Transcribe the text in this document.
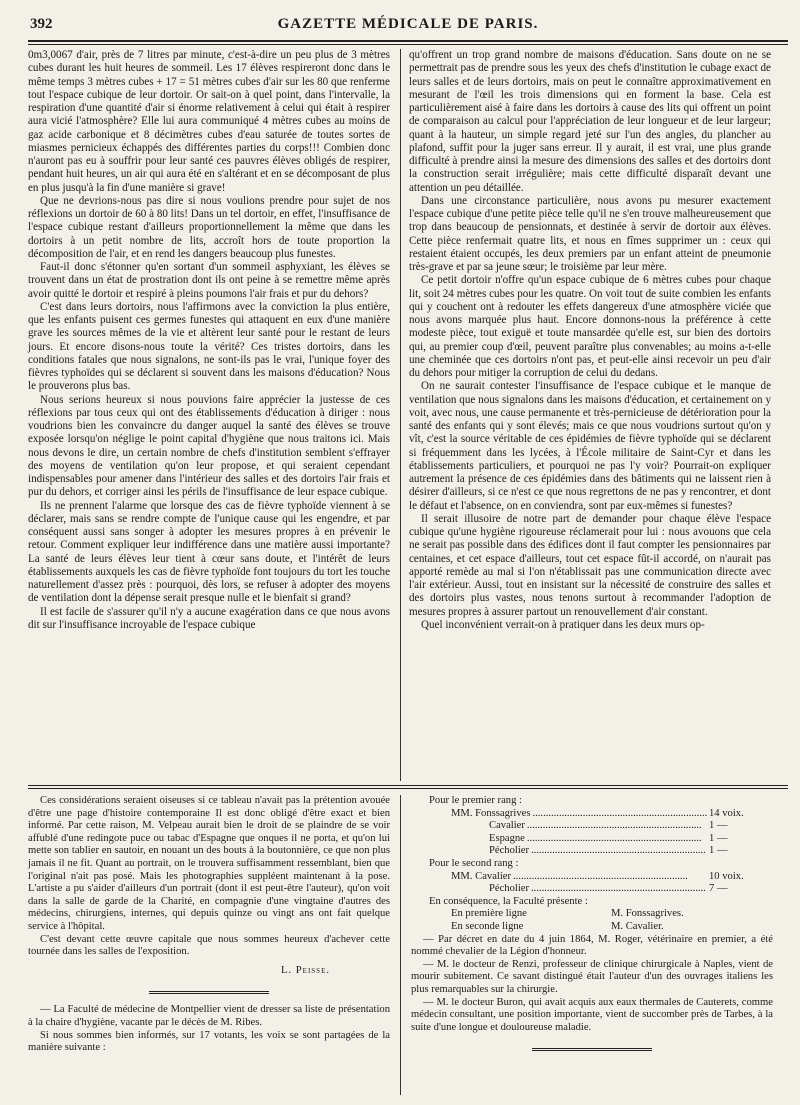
392	GAZETTE MÉDICALE DE PARIS.

0m3,0067 d'air, près de 7 litres par minute, c'est-à-dire un peu plus de 3 mètres cubes durant les huit heures de sommeil. Les 17 élèves respireront donc dans le même temps 3 mètres cubes + 17 = 51 mètres cubes d'air sur les 80 que renferme tout l'espace cubique de leur dortoir. Or sait-on à quel point, dans l'intervalle, la respiration d'une quantité d'air si énorme relativement à celui qui était à respirer aura vicié l'atmosphère? Elle lui aura communiqué 4 mètres cubes au moins de gaz acide carbonique et 8 décimètres cubes d'eau saturée de toutes sortes de miasmes pernicieux échappés des différentes parties du corps!!! Combien donc n'auront pas eu à souffrir pour leur santé ces pauvres élèves obligés de respirer, pendant huit heures, un air qui aura été en s'altérant et en se décomposant de plus en plus jusqu'à la fin d'une manière si grave!

Que ne devrions-nous pas dire si nous voulions prendre pour sujet de nos réflexions un dortoir de 60 à 80 lits! Dans un tel dortoir, en effet, l'insuffisance de l'espace cubique restant d'ailleurs proportionnellement la même que dans les dortoirs à un petit nombre de lits, accroît hors de toute proportion la décomposition de l'air, et en rend les dangers beaucoup plus funestes.

Faut-il donc s'étonner qu'en sortant d'un sommeil asphyxiant, les élèves se trouvent dans un état de prostration dont ils ont peine à se remettre même après avoir quitté le dortoir et respiré à pleins poumons l'air frais et pur du dehors?

C'est dans leurs dortoirs, nous l'affirmons avec la conviction la plus entière, que les enfants puisent ces germes funestes qui attaquent en eux d'une manière grave les sources mêmes de la vie et altèrent leur santé pour le restant de leurs jours. Et encore disons-nous toute la vérité? Ces tristes dortoirs, dans les conditions fatales que nous signalons, ne sont-ils pas le vrai, l'unique foyer des fièvres typhoïdes qui se déclarent si souvent dans les maisons d'éducation? Nous le prouverons plus bas.

Nous serions heureux si nous pouvions faire apprécier la justesse de ces réflexions par tous ceux qui ont des établissements d'éducation à diriger : nous voudrions bien les convaincre du danger auquel la santé des élèves se trouve exposée lorsqu'on néglige le point capital d'hygiène que nous traitons ici. Mais nous devons le dire, un certain nombre de chefs d'institution semblent s'effrayer des moyens de ventilation qu'on leur propose, et qui seraient cependant indispensables pour amener dans l'intérieur des salles et des dortoirs l'air frais et pur du dehors, et corriger ainsi les périls de l'insuffisance de leur espace cubique.

Ils ne prennent l'alarme que lorsque des cas de fièvre typhoïde viennent à se déclarer, mais sans se rendre compte de l'unique cause qui les engendre, et par conséquent aussi sans songer à adopter les mesures propres à en prévenir le retour. Comment expliquer leur indifférence dans une matière aussi importante? La santé de leurs élèves leur tient à cœur sans doute, et l'intérêt de leurs établissements auxquels les cas de fièvre typhoïde font toujours du tort les touche naturellement d'assez près : pourquoi, dès lors, se refuser à adopter des moyens de ventilation dont la dépense serait presque nulle et le bienfait si grand?

Il est facile de s'assurer qu'il n'y a aucune exagération dans ce que nous avons dit sur l'insuffisance incroyable de l'espace cubique

qu'offrent un trop grand nombre de maisons d'éducation. Sans doute on ne se permettrait pas de prendre sous les yeux des chefs d'institution le cubage exact de leurs salles et de leurs dortoirs, mais on peut le connaître approximativement en mesurant de l'œil les trois dimensions qui en forment la base. Cela est particulièrement aisé à faire dans les dortoirs à cause des lits qui offrent un point de comparaison au calcul pour l'appréciation de leur longueur et de leur largeur; quant à la hauteur, un simple regard jeté sur l'un des angles, du plancher au plafond, suffit pour la juger sans erreur. Il y aurait, il est vrai, une plus grande difficulté à prendre ainsi la mesure des dimensions des salles et des dortoirs dont la construction serait irrégulière; mais cette difficulté disparaît devant une attention un peu détaillée.

Dans une circonstance particulière, nous avons pu mesurer exactement l'espace cubique d'une petite pièce telle qu'il ne s'en trouve malheureusement que trop dans beaucoup de pensionnats, et destinée à servir de dortoir aux élèves. Cette pièce renfermait quatre lits, et nous en fîmes supprimer un : ceux qui restaient étaient occupés, les deux premiers par un enfant atteint de pneumonie très-grave et par sa jeune sœur; le troisième par leur mère.

Ce petit dortoir n'offre qu'un espace cubique de 6 mètres cubes pour chaque lit, soit 24 mètres cubes pour les quatre. On voit tout de suite combien les enfants qui y couchent ont à redouter les effets dangereux d'une atmosphère viciée que nous avons marquée plus haut. Encore donnons-nous la préférence à cette modeste pièce, tout exiguë et toute mansardée qu'elle est, sur bien des dortoirs qui, au premier coup d'œil, peuvent paraître plus convenables; au moins a-t-elle une cheminée que ces dortoirs n'ont pas, et peut-elle ainsi recevoir un peu d'air du dehors pour mitiger la corruption de celui du dedans.

On ne saurait contester l'insuffisance de l'espace cubique et le manque de ventilation que nous signalons dans les maisons d'éducation, et certainement on y voit, avec nous, une cause permanente et très-pernicieuse de détérioration pour la santé des enfants qui y sont élevés; mais ce que nous voudrions surtout qu'on y vît, c'est la source véritable de ces épidémies de fièvre typhoïde qui se déclarent si fréquemment dans les lycées, à l'École militaire de Saint-Cyr et dans les établissements particuliers, et pourquoi ne pas l'y voir? Pourrait-on expliquer autrement la présence de ces épidémies dans des bâtiments qui ne laissent rien à désirer d'ailleurs, si ce n'est ce que nous regrettons de ne pas y rencontrer, et dont le défaut et l'absence, on en conviendra, sont par eux-mêmes si funestes?

Il serait illusoire de notre part de demander pour chaque élève l'espace cubique qu'une hygiène rigoureuse réclamerait pour lui : nous avouons que cela ne serait pas possible dans des édifices dont il faut compter les pensionnaires par centaines, et cet espace d'ailleurs, tout cet espace fût-il accordé, on n'aurait pas apporté remède au mal si l'on n'établissait pas une communication directe avec l'air extérieur. Aussi, tout en insistant sur la nécessité de construire des salles et des dortoirs plus vastes, nous tenons surtout à recommander l'adoption de mesures propres à assurer partout un renouvellement d'air constant.

Quel inconvénient verrait-on à pratiquer dans les deux murs op-

Ces considérations seraient oiseuses si ce tableau n'avait pas la prétention avouée d'être une page d'histoire contemporaine Il est donc obligé d'être exact et bien informé. Par cette raison, M. Velpeau aurait bien le droit de se plaindre de se voir affublé d'une redingote puce ou tabac d'Espagne que onques il ne porta, et qu'on lui mette son tablier en sautoir, en nouant un des bouts à la boutonnière, ce que non plus jamais il ne fit. Quant au portrait, on le trouvera suffisamment ressemblant, bien que l'original n'ait pas posé. Mais les photographies suppléent maintenant à la pose. L'artiste a pu s'aider d'ailleurs d'un portrait (dont il est peut-être l'auteur), qu'on voit dans la salle de garde de la Charité, en compagnie d'une vingtaine d'autres des médecins, chirurgiens, internes, qui depuis quinze ou vingt ans ont fait quelque service à l'hôpital.

C'est devant cette œuvre capitale que nous sommes heureux d'achever cette tournée dans les salles de l'exposition.

L. Peisse.

— La Faculté de médecine de Montpellier vient de dresser sa liste de présentation à la chaire d'hygiène, vacante par le décès de M. Ribes.

Si nous sommes bien informés, sur 17 votants, les voix se sont partagées de la manière suivante :

Pour le premier rang :

MM. Fonssagrives .................................................................. 14 voix.
Cavalier .................................................................. 1 —
Espagne .................................................................. 1 —
Pécholier .................................................................. 1 —

Pour le second rang :

MM. Cavalier ..................................................................	10 voix.
Pécholier .................................................................. 7 —

En conséquence, la Faculté présente :

En première ligne	M. Fonssagrives.
En seconde ligne	M. Cavalier.

— Par décret en date du 4 juin 1864, M. Roger, vétérinaire en premier, a été nommé chevalier de la Légion d'honneur.

— M. le docteur de Renzi, professeur de clinique chirurgicale à Naples, vient de mourir subitement. Ce savant distingué était l'auteur d'un des ouvrages italiens les plus remarquables sur la chirurgie.

— M. le docteur Buron, qui avait acquis aux eaux thermales de Cauterets, comme médecin consultant, une position importante, vient de succomber près de Tarbes, à la suite d'une longue et douloureuse maladie.
